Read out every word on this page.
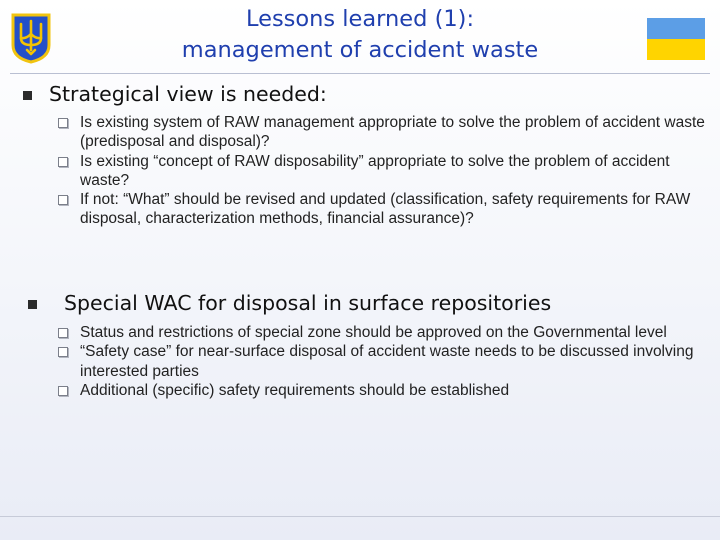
Lessons learned (1):
management of accident waste
Strategical view is needed:
Is existing system of RAW management appropriate to solve the problem of accident waste (predisposal and disposal)?
Is existing “concept of RAW disposability” appropriate to solve the problem of accident waste?
If not: “What” should be revised and updated (classification, safety requirements for RAW disposal, characterization methods, financial assurance)?
Special WAC for disposal in surface repositories
Status and restrictions of special zone should be approved on the Governmental level
“Safety case” for near-surface disposal of accident waste needs to be discussed involving interested parties
Additional (specific) safety requirements should be established
